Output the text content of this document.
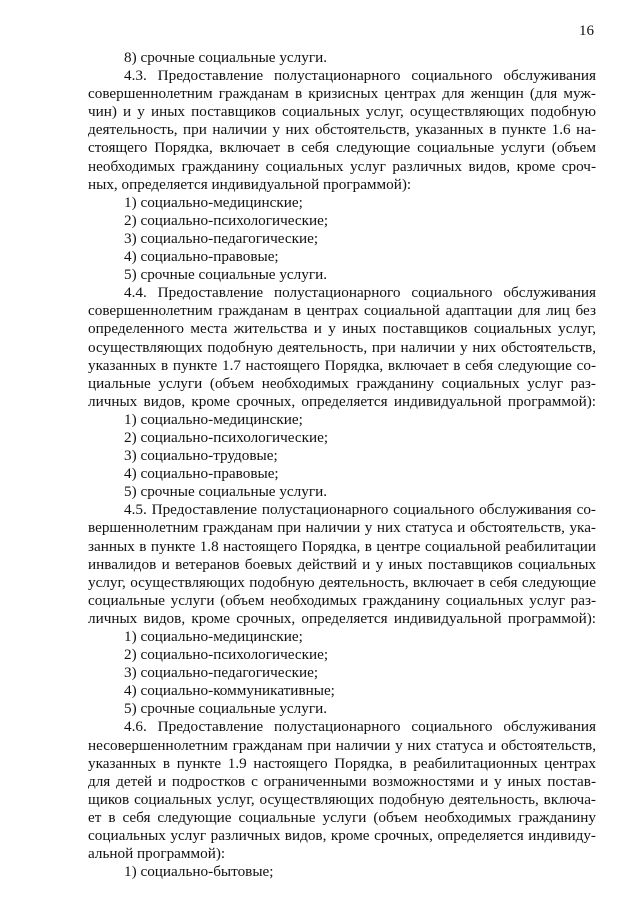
16
8) срочные социальные услуги.
4.3. Предоставление полустационарного социального обслуживания
совершеннолетним гражданам в кризисных центрах для женщин (для муж-
чин) и у иных поставщиков социальных услуг, осуществляющих подобную
деятельность, при наличии у них обстоятельств, указанных в пункте 1.6 на-
стоящего Порядка, включает в себя следующие социальные услуги (объем
необходимых гражданину социальных услуг различных видов, кроме сроч-
ных, определяется индивидуальной программой):
1) социально-медицинские;
2) социально-психологические;
3) социально-педагогические;
4) социально-правовые;
5) срочные социальные услуги.
4.4. Предоставление полустационарного социального обслуживания
совершеннолетним гражданам в центрах социальной адаптации для лиц без
определенного места жительства и у иных поставщиков социальных услуг,
осуществляющих подобную деятельность, при наличии у них обстоятельств,
указанных в пункте 1.7 настоящего Порядка, включает в себя следующие со-
циальные услуги (объем необходимых гражданину социальных услуг раз-
личных видов, кроме срочных, определяется индивидуальной программой):
1) социально-медицинские;
2) социально-психологические;
3) социально-трудовые;
4) социально-правовые;
5) срочные социальные услуги.
4.5. Предоставление полустационарного социального обслуживания со-
вершеннолетним гражданам при наличии у них статуса и обстоятельств, ука-
занных в пункте 1.8 настоящего Порядка, в центре социальной реабилитации
инвалидов и ветеранов боевых действий и у иных поставщиков социальных
услуг, осуществляющих подобную деятельность, включает в себя следующие
социальные услуги (объем необходимых гражданину социальных услуг раз-
личных видов, кроме срочных, определяется индивидуальной программой):
1) социально-медицинские;
2) социально-психологические;
3) социально-педагогические;
4) социально-коммуникативные;
5) срочные социальные услуги.
4.6. Предоставление полустационарного социального обслуживания
несовершеннолетним гражданам при наличии у них статуса и обстоятельств,
указанных в пункте 1.9 настоящего Порядка, в реабилитационных центрах
для детей и подростков с ограниченными возможностями и у иных постав-
щиков социальных услуг, осуществляющих подобную деятельность, включа-
ет в себя следующие социальные услуги (объем необходимых гражданину
социальных услуг различных видов, кроме срочных, определяется индивиду-
альной программой):
1) социально-бытовые;
